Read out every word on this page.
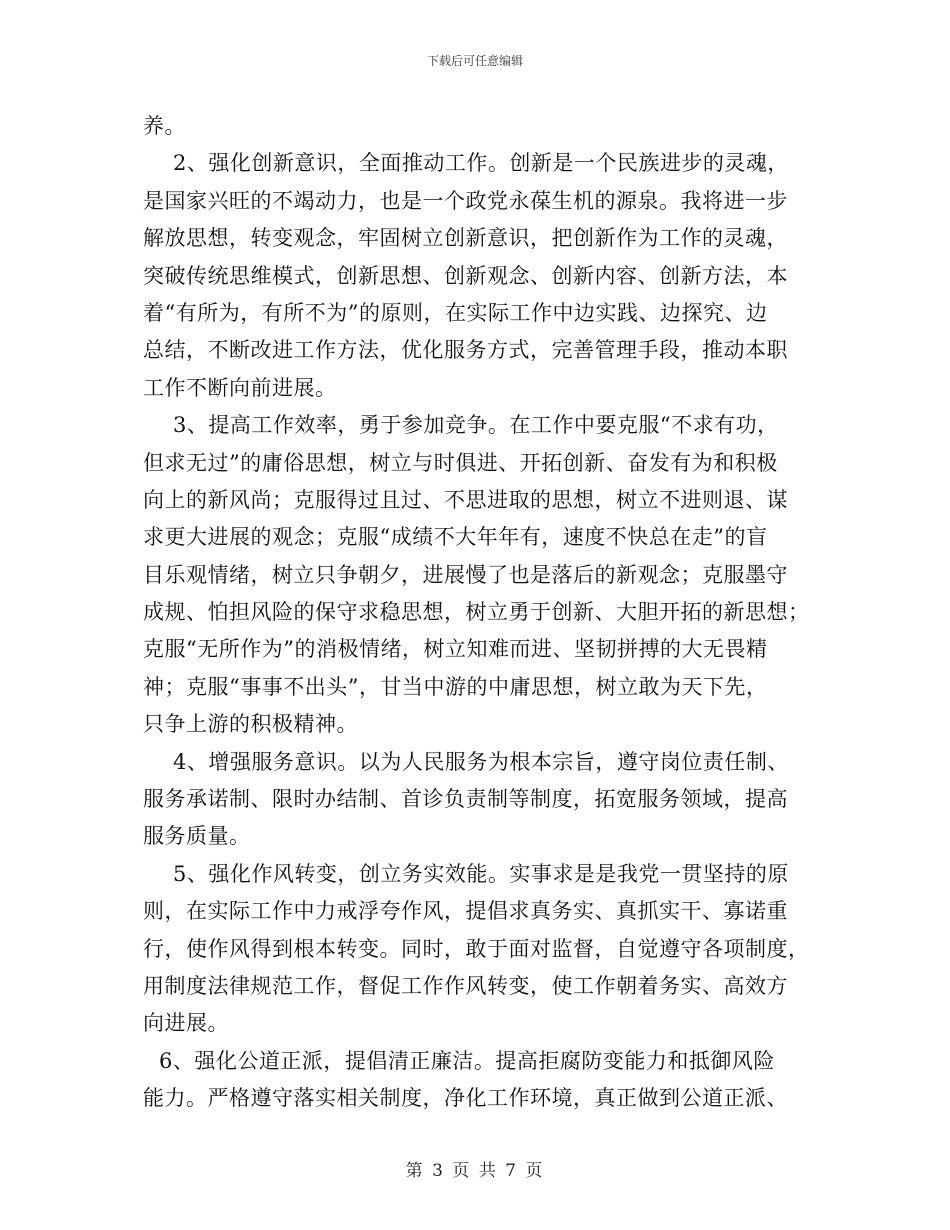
下载后可任意编辑
养。
2、强化创新意识，全面推动工作。创新是一个民族进步的灵魂，
是国家兴旺的不竭动力，也是一个政党永葆生机的源泉。我将进一步
解放思想，转变观念，牢固树立创新意识，把创新作为工作的灵魂，
突破传统思维模式，创新思想、创新观念、创新内容、创新方法，本
着“有所为，有所不为”的原则，在实际工作中边实践、边探究、边
总结，不断改进工作方法，优化服务方式，完善管理手段，推动本职
工作不断向前进展。
3、提高工作效率，勇于参加竞争。在工作中要克服“不求有功，
但求无过”的庸俗思想，树立与时俱进、开拓创新、奋发有为和积极
向上的新风尚；克服得过且过、不思进取的思想，树立不进则退、谋
求更大进展的观念；克服“成绩不大年年有，速度不快总在走”的盲
目乐观情绪，树立只争朝夕，进展慢了也是落后的新观念；克服墨守
成规、怕担风险的保守求稳思想，树立勇于创新、大胆开拓的新思想；
克服“无所作为”的消极情绪，树立知难而进、坚韧拼搏的大无畏精
神；克服“事事不出头”，甘当中游的中庸思想，树立敢为天下先，
只争上游的积极精神。
4、增强服务意识。以为人民服务为根本宗旨，遵守岗位责任制、
服务承诺制、限时办结制、首诊负责制等制度，拓宽服务领域，提高
服务质量。
5、强化作风转变，创立务实效能。实事求是是我党一贯坚持的原
则，在实际工作中力戒浮夸作风，提倡求真务实、真抓实干、寡诺重
行，使作风得到根本转变。同时，敢于面对监督，自觉遵守各项制度，
用制度法律规范工作，督促工作作风转变，使工作朝着务实、高效方
向进展。
6、强化公道正派，提倡清正廉洁。提高拒腐防变能力和抵御风险
能力。严格遵守落实相关制度，净化工作环境，真正做到公道正派、
第 3 页 共 7 页
